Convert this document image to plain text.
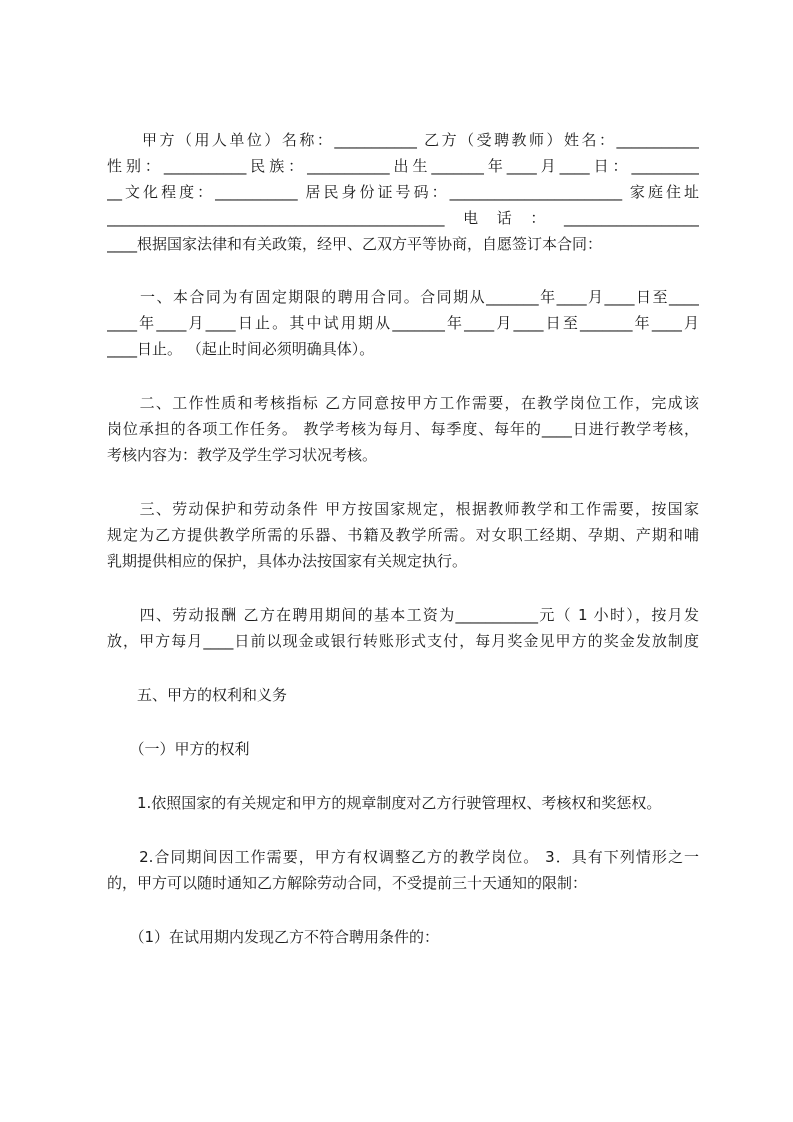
　　甲方（用人单位）名称：___________ 乙方（受聘教师）姓名：___________
性别：___________民族：___________出生_______年____月____日：_________
__文化程度：___________ 居民身份证号码：_______________________ 家庭住址
_____________________________________________电话：__________________
____根据国家法律和有关政策，经甲、乙双方平等协商，自愿签订本合同：
　　一、本合同为有固定期限的聘用合同。合同期从_______年____月____日至____
____年____月____日止。其中试用期从_______年____月____日至_______年____月
____日止。 （起止时间必须明确具体）。
　　二、工作性质和考核指标 乙方同意按甲方工作需要，在教学岗位工作，完成该
岗位承担的各项工作任务。 教学考核为每月、每季度、每年的____日进行教学考核，
考核内容为：教学及学生学习状况考核。
　　三、劳动保护和劳动条件 甲方按国家规定，根据教师教学和工作需要，按国家
规定为乙方提供教学所需的乐器、书籍及教学所需。对女职工经期、孕期、产期和哺
乳期提供相应的保护，具体办法按国家有关规定执行。
　　四、劳动报酬 乙方在聘用期间的基本工资为___________元（ 1 小时），按月发
放，甲方每月____日前以现金或银行转账形式支付，每月奖金见甲方的奖金发放制度
　　五、甲方的权利和义务
　　（一）甲方的权利
　　1.依照国家的有关规定和甲方的规章制度对乙方行驶管理权、考核权和奖惩权。
　　2.合同期间因工作需要，甲方有权调整乙方的教学岗位。 3．具有下列情形之一
的，甲方可以随时通知乙方解除劳动合同，不受提前三十天通知的限制：
　　（1）在试用期内发现乙方不符合聘用条件的：
